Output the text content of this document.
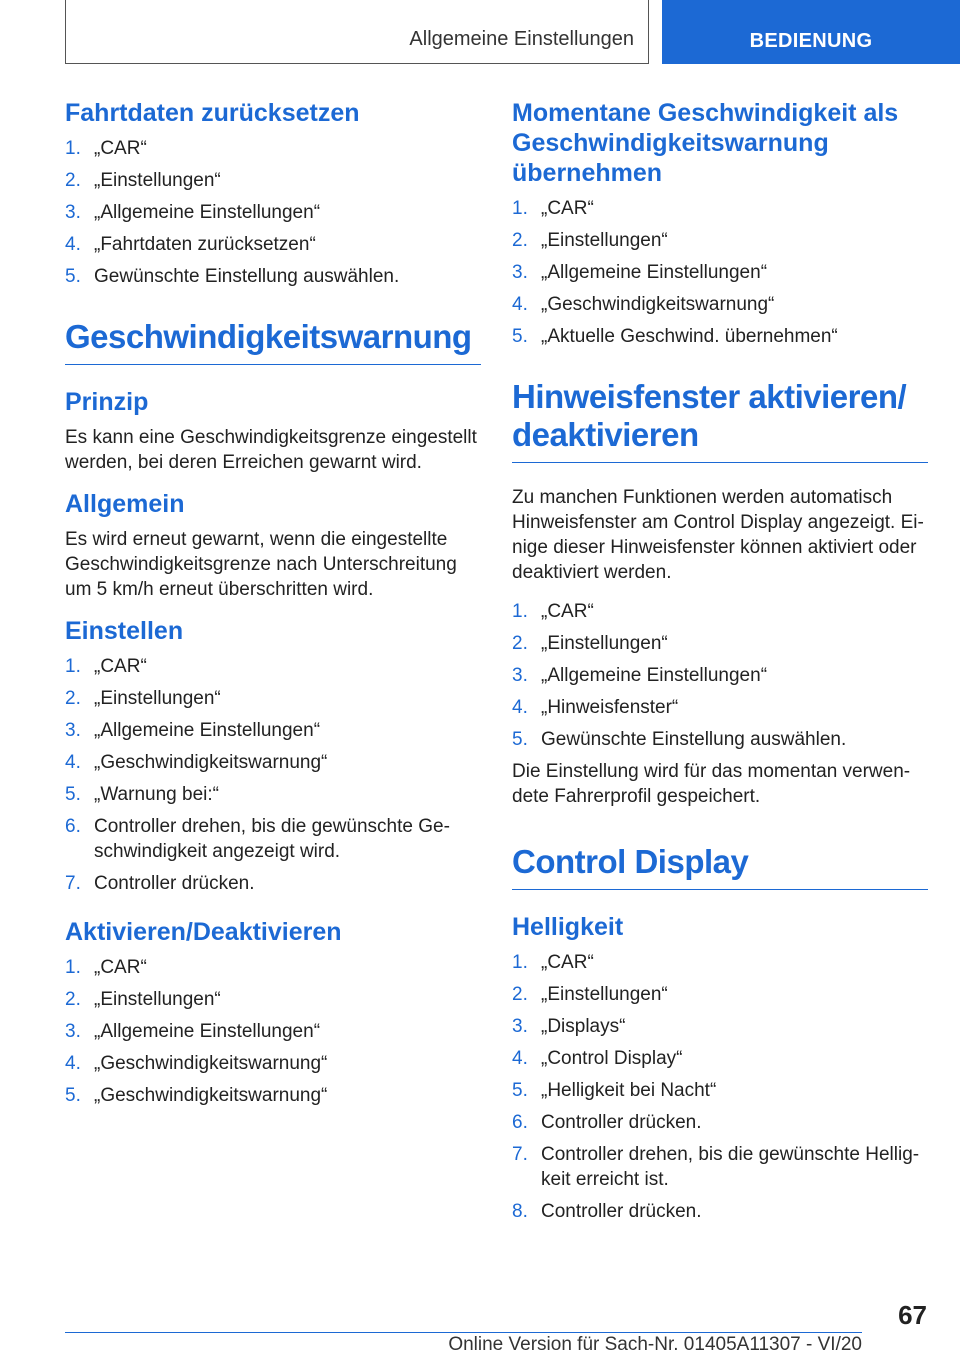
Allgemeine Einstellungen	BEDIENUNG
Fahrtdaten zurücksetzen
1. „CAR“
2. „Einstellungen“
3. „Allgemeine Einstellungen“
4. „Fahrtdaten zurücksetzen“
5. Gewünschte Einstellung auswählen.
Geschwindigkeitswarnung
Prinzip

Es kann eine Geschwindigkeitsgrenze eingestellt werden, bei deren Erreichen gewarnt wird.

Allgemein

Es wird erneut gewarnt, wenn die eingestellte Geschwindigkeitsgrenze nach Unterschreitung um 5 km/h erneut überschritten wird.

Einstellen
1. „CAR“
2. „Einstellungen“
3. „Allgemeine Einstellungen“
4. „Geschwindigkeitswarnung“
5. „Warnung bei:“
6. Controller drehen, bis die gewünschte Geschwindigkeit angezeigt wird.
7. Controller drücken.
Aktivieren/Deaktivieren
1. „CAR“
2. „Einstellungen“
3. „Allgemeine Einstellungen“
4. „Geschwindigkeitswarnung“
5. „Geschwindigkeitswarnung“
Momentane Geschwindigkeit als Geschwindigkeitswarnung übernehmen
1. „CAR“
2. „Einstellungen“
3. „Allgemeine Einstellungen“
4. „Geschwindigkeitswarnung“
5. „Aktuelle Geschwind. übernehmen“
Hinweisfenster aktivieren/ deaktivieren

Zu manchen Funktionen werden automatisch Hinweisfenster am Control Display angezeigt. Einige dieser Hinweisfenster können aktiviert oder deaktiviert werden.

1. „CAR“
2. „Einstellungen“
3. „Allgemeine Einstellungen“
4. „Hinweisfenster“
5. Gewünschte Einstellung auswählen.

Die Einstellung wird für das momentan verwendete Fahrerprofil gespeichert.

Control Display
Helligkeit
1. „CAR“
2. „Einstellungen“
3. „Displays“
4. „Control Display“
5. „Helligkeit bei Nacht“
6. Controller drücken.
7. Controller drehen, bis die gewünschte Helligkeit erreicht ist.
8. Controller drücken.
67
Online Version für Sach-Nr. 01405A11307 - VI/20
